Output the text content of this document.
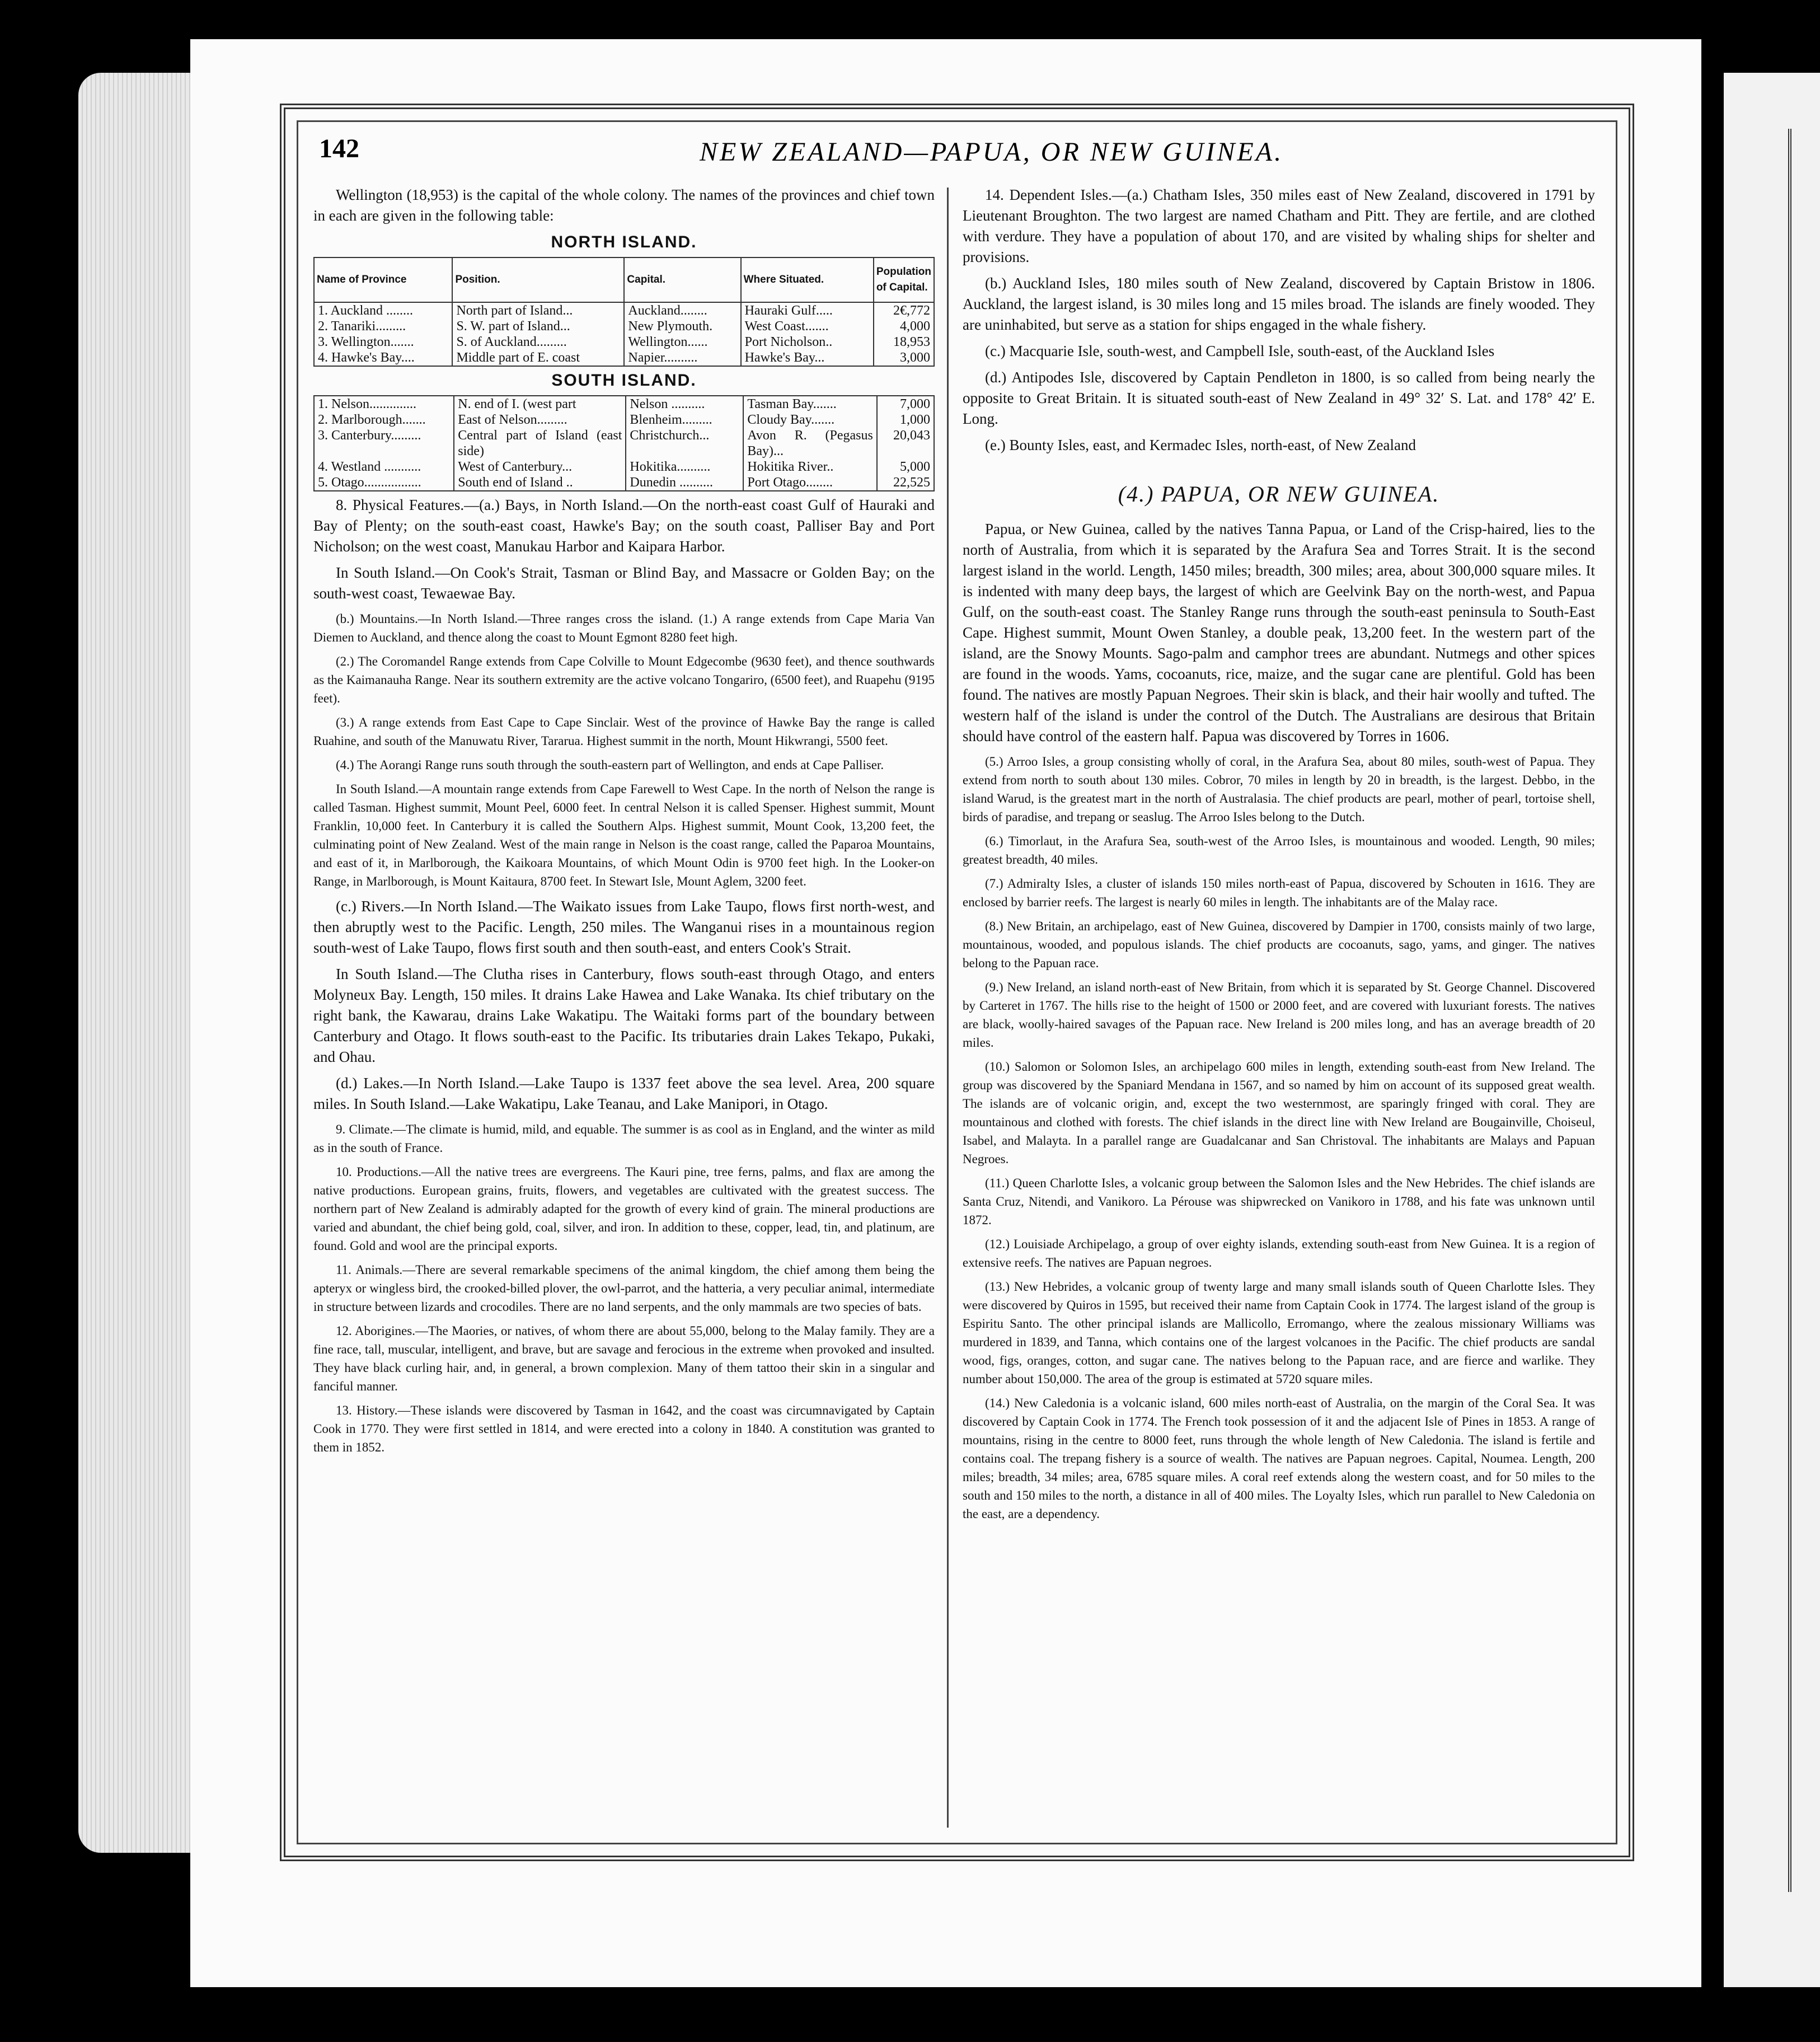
142	NEW ZEALAND—PAPUA, OR NEW GUINEA.

Wellington (18,953) is the capital of the whole colony. The names of the provinces and chief town in each are given in the following table:

NORTH ISLAND.
Name of Province	Position.	Capital.	Where Situated.	Population of Capital.
1. Auckland ........	North part of Island...	Auckland........	Hauraki Gulf.....	2€,772
2. Tanariki.........	S. W. part of Island...	New Plymouth.	West Coast.......	4,000
3. Wellington.......	S. of Auckland.........	Wellington......	Port Nicholson..	18,953
4. Hawke's Bay....	Middle part of E. coast	Napier..........	Hawke's Bay...	3,000
SOUTH ISLAND.
1. Nelson..............	N. end of I. (west part	Nelson ..........	Tasman Bay.......	7,000
2. Marlborough.......	East of Nelson.........	Blenheim.........	Cloudy Bay.......	1,000
3. Canterbury.........	Central part of Island (east side)	Christchurch...	Avon R. (Pegasus Bay)...	20,043
4. Westland ...........	West of Canterbury...	Hokitika..........	Hokitika River..	5,000
5. Otago.................	South end of Island ..	Dunedin ..........	Port Otago........	22,525

8. Physical Features.—(a.) Bays, in North Island.—On the north-east coast Gulf of Hauraki and Bay of Plenty; on the south-east coast, Hawke's Bay; on the south coast, Palliser Bay and Port Nicholson; on the west coast, Manukau Harbor and Kaipara Harbor.

In South Island.—On Cook's Strait, Tasman or Blind Bay, and Massacre or Golden Bay; on the south-west coast, Tewaewae Bay.

(b.) Mountains.—In North Island.—Three ranges cross the island. (1.) A range extends from Cape Maria Van Diemen to Auckland, and thence along the coast to Mount Egmont 8280 feet high.

(2.) The Coromandel Range extends from Cape Colville to Mount Edgecombe (9630 feet), and thence southwards as the Kaimanauha Range. Near its southern extremity are the active volcano Tongariro, (6500 feet), and Ruapehu (9195 feet).

(3.) A range extends from East Cape to Cape Sinclair. West of the province of Hawke Bay the range is called Ruahine, and south of the Manuwatu River, Tararua. Highest summit in the north, Mount Hikwrangi, 5500 feet.

(4.) The Aorangi Range runs south through the south-eastern part of Wellington, and ends at Cape Palliser.

In South Island.—A mountain range extends from Cape Farewell to West Cape. In the north of Nelson the range is called Tasman. Highest summit, Mount Peel, 6000 feet. In central Nelson it is called Spenser. Highest summit, Mount Franklin, 10,000 feet. In Canterbury it is called the Southern Alps. Highest summit, Mount Cook, 13,200 feet, the culminating point of New Zealand. West of the main range in Nelson is the coast range, called the Paparoa Mountains, and east of it, in Marlborough, the Kaikoara Mountains, of which Mount Odin is 9700 feet high. In the Looker-on Range, in Marlborough, is Mount Kaitaura, 8700 feet. In Stewart Isle, Mount Aglem, 3200 feet.

(c.) Rivers.—In North Island.—The Waikato issues from Lake Taupo, flows first north-west, and then abruptly west to the Pacific. Length, 250 miles. The Wanganui rises in a mountainous region south-west of Lake Taupo, flows first south and then south-east, and enters Cook's Strait.

In South Island.—The Clutha rises in Canterbury, flows south-east through Otago, and enters Molyneux Bay. Length, 150 miles. It drains Lake Hawea and Lake Wanaka. Its chief tributary on the right bank, the Kawarau, drains Lake Wakatipu. The Waitaki forms part of the boundary between Canterbury and Otago. It flows south-east to the Pacific. Its tributaries drain Lakes Tekapo, Pukaki, and Ohau.

(d.) Lakes.—In North Island.—Lake Taupo is 1337 feet above the sea level. Area, 200 square miles. In South Island.—Lake Wakatipu, Lake Teanau, and Lake Manipori, in Otago.

9. Climate.—The climate is humid, mild, and equable. The summer is as cool as in England, and the winter as mild as in the south of France.

10. Productions.—All the native trees are evergreens. The Kauri pine, tree ferns, palms, and flax are among the native productions. European grains, fruits, flowers, and vegetables are cultivated with the greatest success. The northern part of New Zealand is admirably adapted for the growth of every kind of grain. The mineral productions are varied and abundant, the chief being gold, coal, silver, and iron. In addition to these, copper, lead, tin, and platinum, are found. Gold and wool are the principal exports.

11. Animals.—There are several remarkable specimens of the animal kingdom, the chief among them being the apteryx or wingless bird, the crooked-billed plover, the owl-parrot, and the hatteria, a very peculiar animal, intermediate in structure between lizards and crocodiles. There are no land serpents, and the only mammals are two species of bats.

12. Aborigines.—The Maories, or natives, of whom there are about 55,000, belong to the Malay family. They are a fine race, tall, muscular, intelligent, and brave, but are savage and ferocious in the extreme when provoked and insulted. They have black curling hair, and, in general, a brown complexion. Many of them tattoo their skin in a singular and fanciful manner.

13. History.—These islands were discovered by Tasman in 1642, and the coast was circumnavigated by Captain Cook in 1770. They were first settled in 1814, and were erected into a colony in 1840. A constitution was granted to them in 1852.

14. Dependent Isles.—(a.) Chatham Isles, 350 miles east of New Zealand, discovered in 1791 by Lieutenant Broughton. The two largest are named Chatham and Pitt. They are fertile, and are clothed with verdure. They have a population of about 170, and are visited by whaling ships for shelter and provisions.

(b.) Auckland Isles, 180 miles south of New Zealand, discovered by Captain Bristow in 1806. Auckland, the largest island, is 30 miles long and 15 miles broad. The islands are finely wooded. They are uninhabited, but serve as a station for ships engaged in the whale fishery.

(c.) Macquarie Isle, south-west, and Campbell Isle, south-east, of the Auckland Isles

(d.) Antipodes Isle, discovered by Captain Pendleton in 1800, is so called from being nearly the opposite to Great Britain. It is situated south-east of New Zealand in 49° 32′ S. Lat. and 178° 42′ E. Long.

(e.) Bounty Isles, east, and Kermadec Isles, north-east, of New Zealand

(4.) PAPUA, OR NEW GUINEA.

Papua, or New Guinea, called by the natives Tanna Papua, or Land of the Crisp-haired, lies to the north of Australia, from which it is separated by the Arafura Sea and Torres Strait. It is the second largest island in the world. Length, 1450 miles; breadth, 300 miles; area, about 300,000 square miles. It is indented with many deep bays, the largest of which are Geelvink Bay on the north-west, and Papua Gulf, on the south-east coast. The Stanley Range runs through the south-east peninsula to South-East Cape. Highest summit, Mount Owen Stanley, a double peak, 13,200 feet. In the western part of the island, are the Snowy Mounts. Sago-palm and camphor trees are abundant. Nutmegs and other spices are found in the woods. Yams, cocoanuts, rice, maize, and the sugar cane are plentiful. Gold has been found. The natives are mostly Papuan Negroes. Their skin is black, and their hair woolly and tufted. The western half of the island is under the control of the Dutch. The Australians are desirous that Britain should have control of the eastern half. Papua was discovered by Torres in 1606.

(5.) Arroo Isles, a group consisting wholly of coral, in the Arafura Sea, about 80 miles, south-west of Papua. They extend from north to south about 130 miles. Cobror, 70 miles in length by 20 in breadth, is the largest. Debbo, in the island Warud, is the greatest mart in the north of Australasia. The chief products are pearl, mother of pearl, tortoise shell, birds of paradise, and trepang or seaslug. The Arroo Isles belong to the Dutch.

(6.) Timorlaut, in the Arafura Sea, south-west of the Arroo Isles, is mountainous and wooded. Length, 90 miles; greatest breadth, 40 miles.

(7.) Admiralty Isles, a cluster of islands 150 miles north-east of Papua, discovered by Schouten in 1616. They are enclosed by barrier reefs. The largest is nearly 60 miles in length. The inhabitants are of the Malay race.

(8.) New Britain, an archipelago, east of New Guinea, discovered by Dampier in 1700, consists mainly of two large, mountainous, wooded, and populous islands. The chief products are cocoanuts, sago, yams, and ginger. The natives belong to the Papuan race.

(9.) New Ireland, an island north-east of New Britain, from which it is separated by St. George Channel. Discovered by Carteret in 1767. The hills rise to the height of 1500 or 2000 feet, and are covered with luxuriant forests. The natives are black, woolly-haired savages of the Papuan race. New Ireland is 200 miles long, and has an average breadth of 20 miles.

(10.) Salomon or Solomon Isles, an archipelago 600 miles in length, extending south-east from New Ireland. The group was discovered by the Spaniard Mendana in 1567, and so named by him on account of its supposed great wealth. The islands are of volcanic origin, and, except the two westernmost, are sparingly fringed with coral. They are mountainous and clothed with forests. The chief islands in the direct line with New Ireland are Bougainville, Choiseul, Isabel, and Malayta. In a parallel range are Guadalcanar and San Christoval. The inhabitants are Malays and Papuan Negroes.

(11.) Queen Charlotte Isles, a volcanic group between the Salomon Isles and the New Hebrides. The chief islands are Santa Cruz, Nitendi, and Vanikoro. La Pérouse was shipwrecked on Vanikoro in 1788, and his fate was unknown until 1872.

(12.) Louisiade Archipelago, a group of over eighty islands, extending south-east from New Guinea. It is a region of extensive reefs. The natives are Papuan negroes.

(13.) New Hebrides, a volcanic group of twenty large and many small islands south of Queen Charlotte Isles. They were discovered by Quiros in 1595, but received their name from Captain Cook in 1774. The largest island of the group is Espiritu Santo. The other principal islands are Mallicollo, Erromango, where the zealous missionary Williams was murdered in 1839, and Tanna, which contains one of the largest volcanoes in the Pacific. The chief products are sandal wood, figs, oranges, cotton, and sugar cane. The natives belong to the Papuan race, and are fierce and warlike. They number about 150,000. The area of the group is estimated at 5720 square miles.

(14.) New Caledonia is a volcanic island, 600 miles north-east of Australia, on the margin of the Coral Sea. It was discovered by Captain Cook in 1774. The French took possession of it and the adjacent Isle of Pines in 1853. A range of mountains, rising in the centre to 8000 feet, runs through the whole length of New Caledonia. The island is fertile and contains coal. The trepang fishery is a source of wealth. The natives are Papuan negroes. Capital, Noumea. Length, 200 miles; breadth, 34 miles; area, 6785 square miles. A coral reef extends along the western coast, and for 50 miles to the south and 150 miles to the north, a distance in all of 400 miles. The Loyalty Isles, which run parallel to New Caledonia on the east, are a dependency.
